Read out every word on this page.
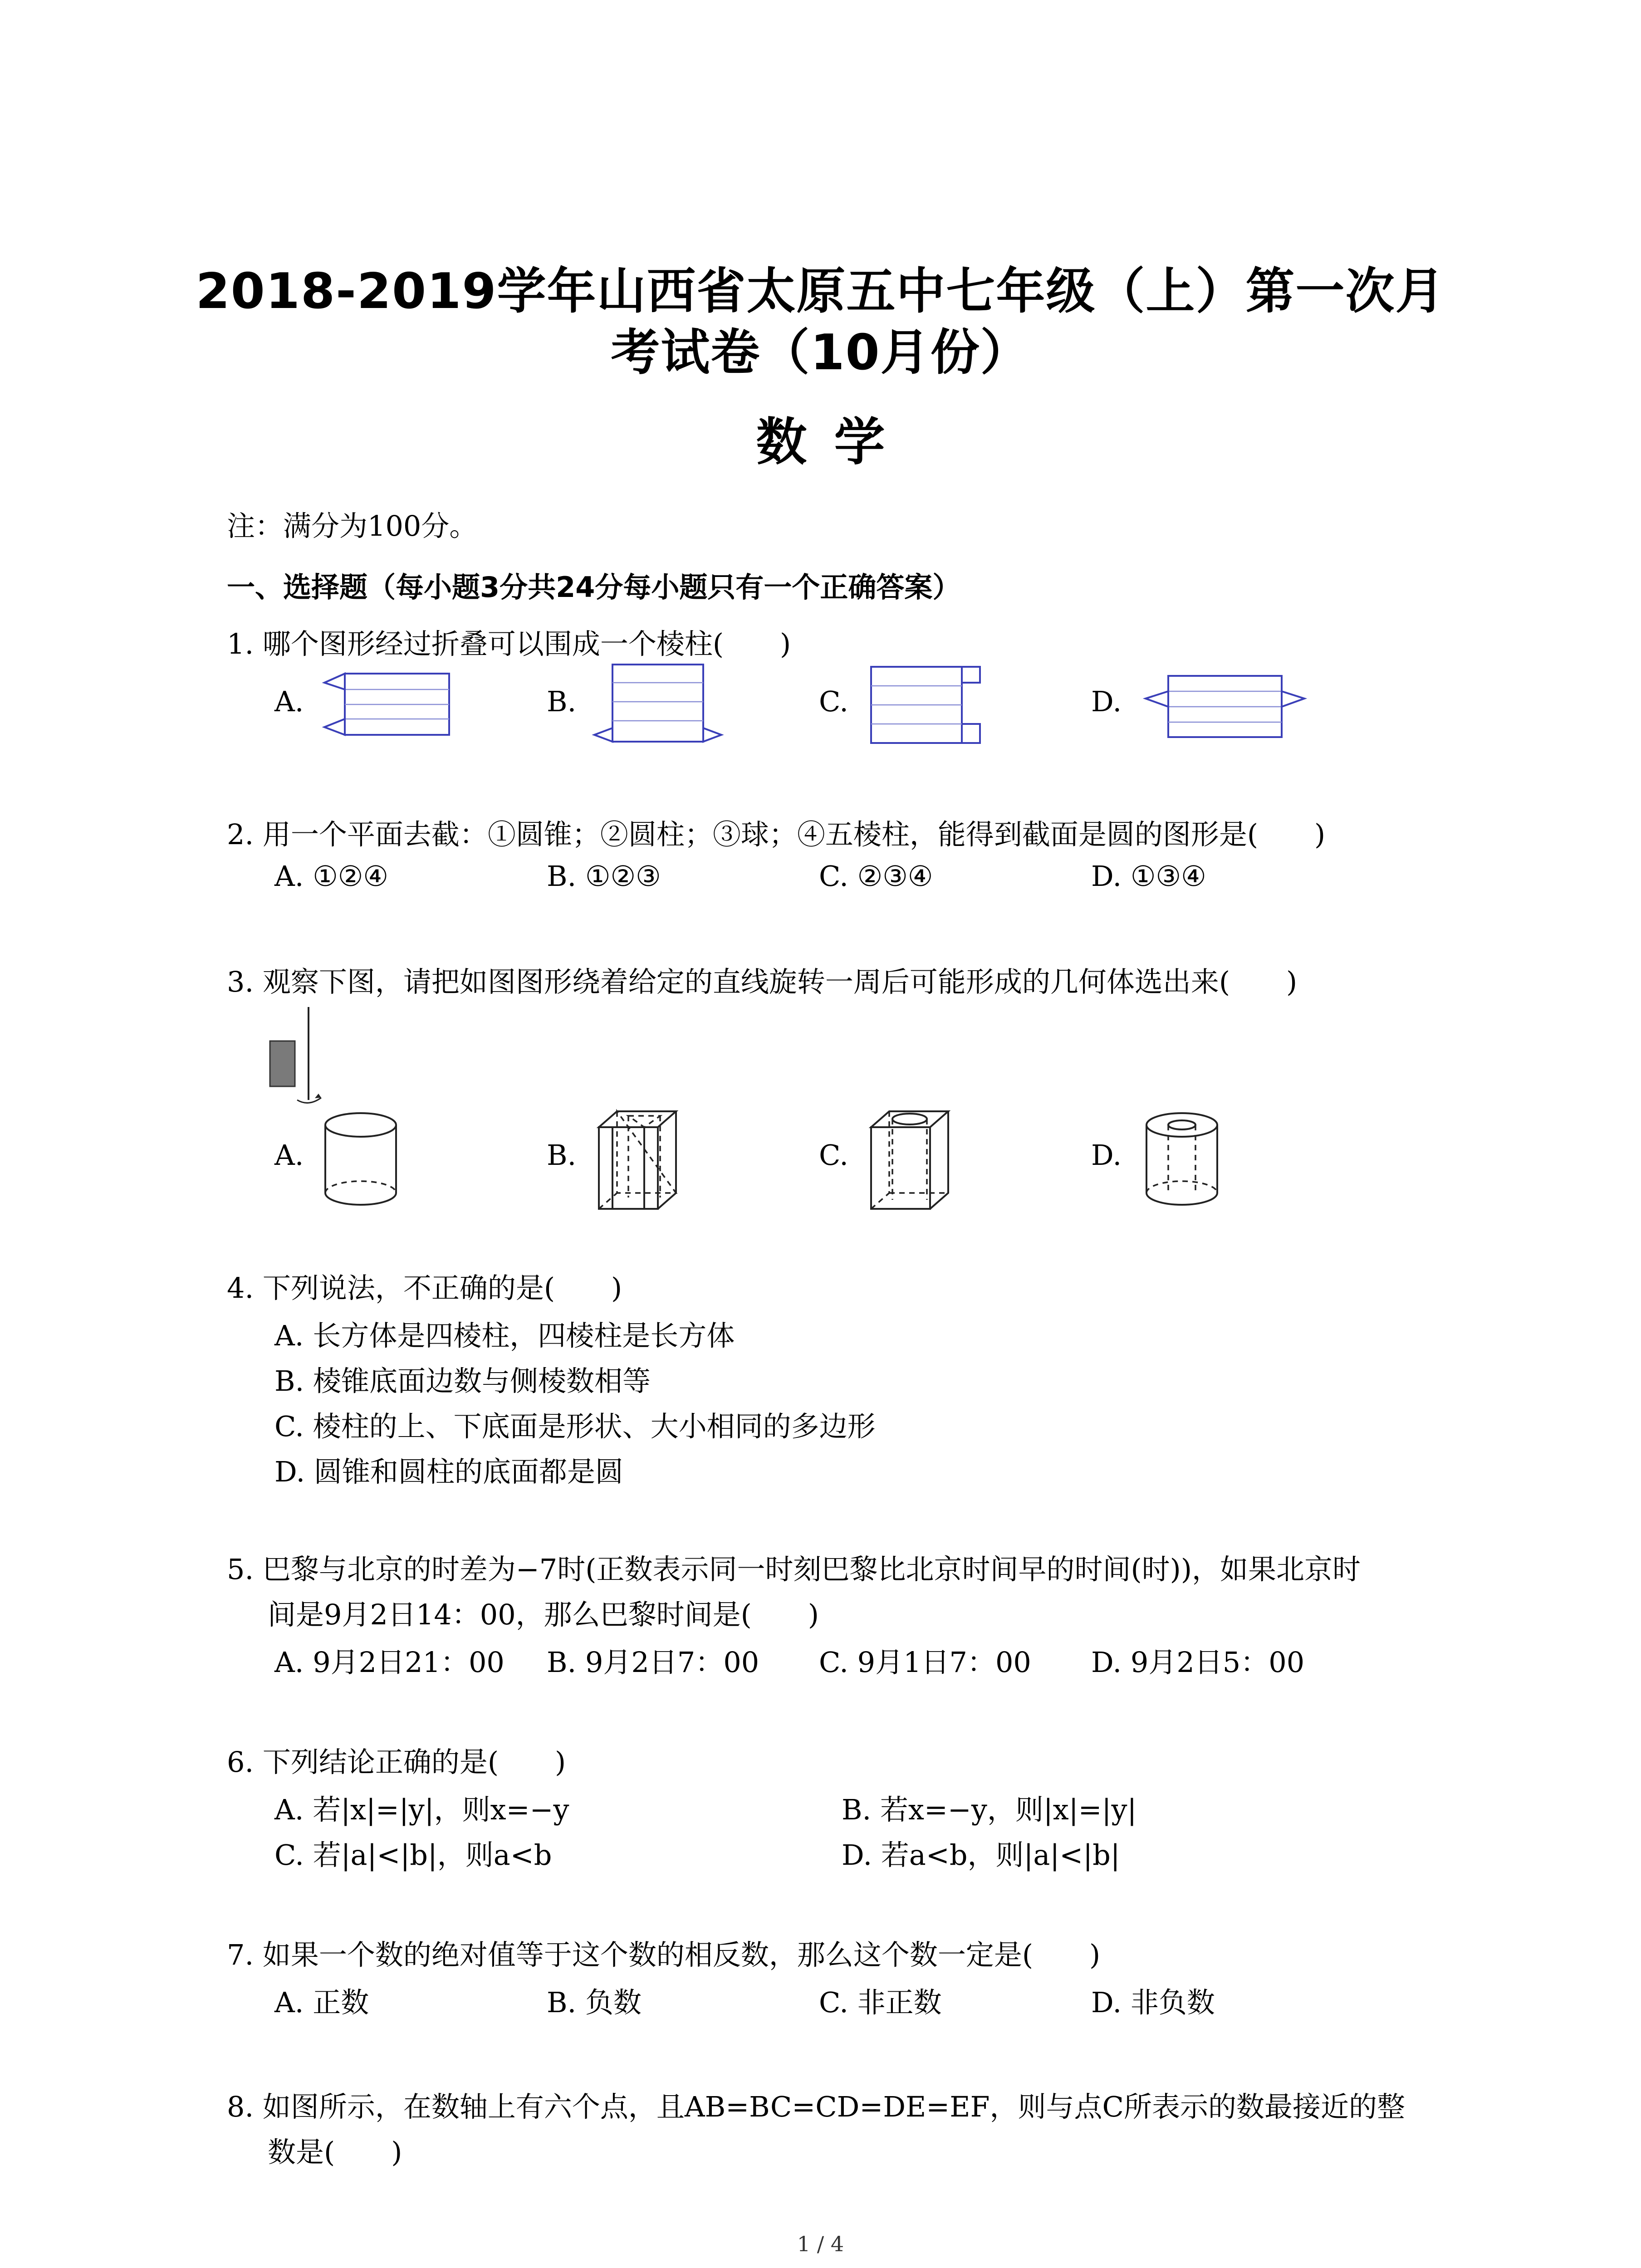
2018-2019学年山西省太原五中七年级（上）第一次月
考试卷（10月份）
数学
注：满分为100分。
一、选择题（每小题3分共24分每小题只有一个正确答案）
1. 哪个图形经过折叠可以围成一个棱柱(　　)
A.	B.	C.	D.
2. 用一个平面去截：①圆锥；②圆柱；③球；④五棱柱，能得到截面是圆的图形是(　　)
A. ①②④	B. ①②③	C. ②③④	D. ①③④
3. 观察下图，请把如图图形绕着给定的直线旋转一周后可能形成的几何体选出来(　　)
A.	B.	C.	D.
4. 下列说法，不正确的是(　　)
A. 长方体是四棱柱，四棱柱是长方体
B. 棱锥底面边数与侧棱数相等
C. 棱柱的上、下底面是形状、大小相同的多边形
D. 圆锥和圆柱的底面都是圆
5. 巴黎与北京的时差为−7时(正数表示同一时刻巴黎比北京时间早的时间(时))，如果北京时
间是9月2日14：00，那么巴黎时间是(　　)
A. 9月2日21：00 B. 9月2日7：00 C. 9月1日7：00 D. 9月2日5：00
6. 下列结论正确的是(　　)
A. 若|x|=|y|，则x=−y	B. 若x=−y，则|x|=|y|
C. 若|a|<|b|，则a<b	D. 若a<b，则|a|<|b|
7. 如果一个数的绝对值等于这个数的相反数，那么这个数一定是(　　)
A. 正数	B. 负数	C. 非正数	D. 非负数
8. 如图所示，在数轴上有六个点，且AB=BC=CD=DE=EF，则与点C所表示的数最接近的整
数是(　　)
1 / 4
